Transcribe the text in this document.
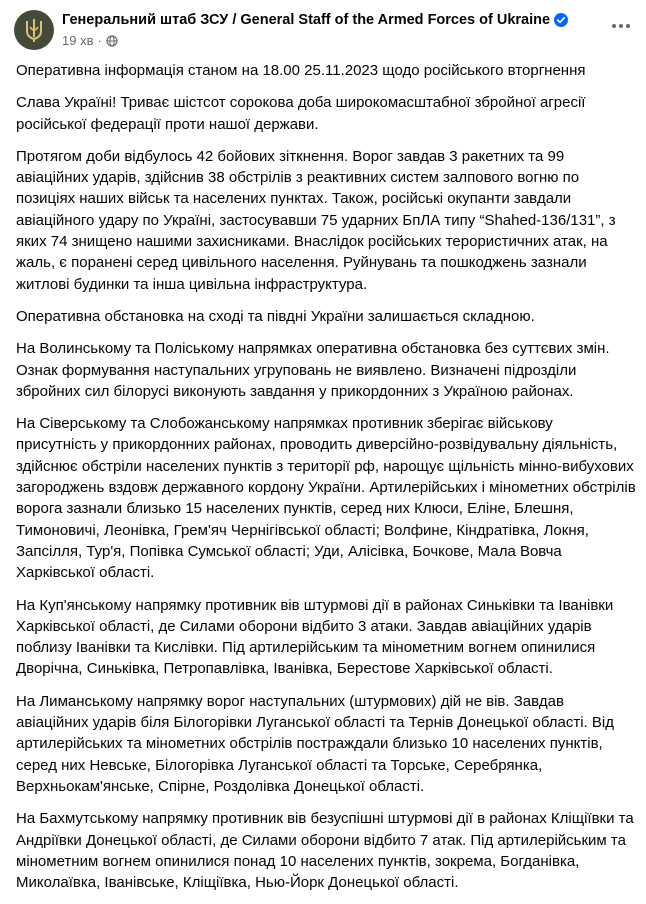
Генеральний штаб ЗСУ / General Staff of the Armed Forces of Ukraine
19 хв ·

Оперативна інформація станом на 18.00 25.11.2023 щодо російського вторгнення

Слава Україні! Триває шістсот сорокова доба широкомасштабної збройної агресії російської федерації проти нашої держави.

Протягом доби відбулось 42 бойових зіткнення. Ворог завдав 3 ракетних та 99 авіаційних ударів, здійснив 38 обстрілів з реактивних систем залпового вогню по позиціях наших військ та населених пунктах. Також, російські окупанти завдали авіаційного удару по Україні, застосувавши 75 ударних БпЛА типу “Shahed-136/131”, з яких 74 знищено нашими захисниками. Внаслідок російських терористичних атак, на жаль, є поранені серед цивільного населення. Руйнувань та пошкоджень зазнали житлові будинки та інша цивільна інфраструктура.

Оперативна обстановка на сході та півдні України залишається складною.

На Волинському та Поліському напрямках оперативна обстановка без суттєвих змін. Ознак формування наступальних угруповань не виявлено. Визначені підрозділи збройних сил білорусі виконують завдання у прикордонних з Україною районах.

На Сіверському та Слобожанському напрямках противник зберігає військову присутність у прикордонних районах, проводить диверсійно-розвідувальну діяльність, здійснює обстріли населених пунктів з території рф, нарощує щільність мінно-вибухових загороджень вздовж державного кордону України. Артилерійських і мінометних обстрілів ворога зазнали близько 15 населених пунктів, серед них Клюси, Еліне, Блешня, Тимоновичі, Леонівка, Грем'яч Чернігівської області; Волфине, Кіндратівка, Локня, Запсілля, Тур'я, Попівка Сумської області; Уди, Алісівка, Бочкове, Мала Вовча Харківської області.

На Куп'янському напрямку противник вів штурмові дії в районах Синьківки та Іванівки Харківської області, де Силами оборони відбито 3 атаки. Завдав авіаційних ударів поблизу Іванівки та Кислівки. Під артилерійським та мінометним вогнем опинилися Дворічна, Синьківка, Петропавлівка, Іванівка, Берестове Харківської області.

На Лиманському напрямку ворог наступальних (штурмових) дій не вів. Завдав авіаційних ударів біля Білогорівки Луганської області та Тернів Донецької області. Від артилерійських та мінометних обстрілів постраждали близько 10 населених пунктів, серед них Невське, Білогорівка Луганської області та Торське, Серебрянка, Верхньокам'янське, Спірне, Роздолівка Донецької області.

На Бахмутському напрямку противник вів безуспішні штурмові дії в районах Кліщіївки та Андріївки Донецької області, де Силами оборони відбито 7 атак. Під артилерійським та мінометним вогнем опинилися понад 10 населених пунктів, зокрема, Богданівка, Миколаївка, Іванівське, Кліщіївка, Нью-Йорк Донецької області.
